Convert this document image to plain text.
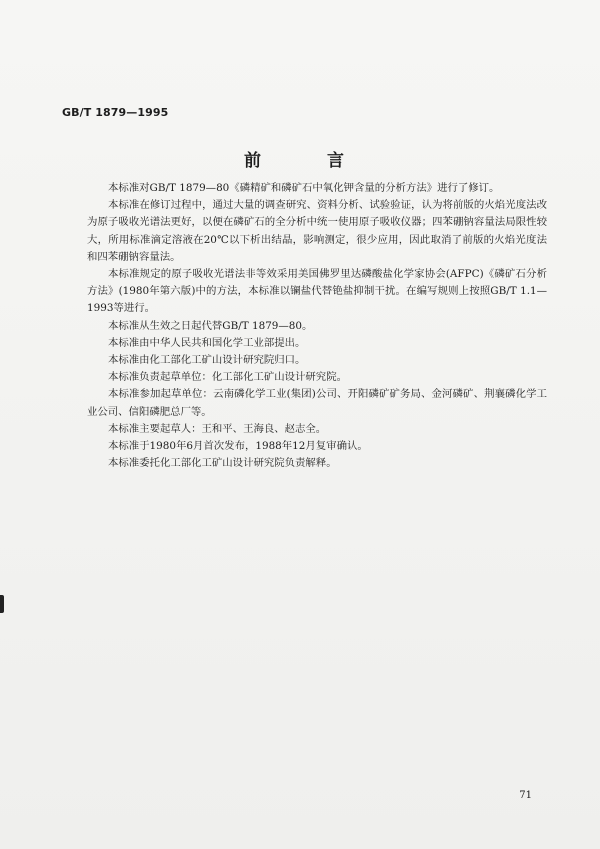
GB/T 1879—1995
前 言

本标准对GB/T 1879—80《磷精矿和磷矿石中氧化钾含量的分析方法》进行了修订。

本标准在修订过程中，通过大量的调查研究、资料分析、试验验证，认为将前版的火焰光度法改为原子吸收光谱法更好，以便在磷矿石的全分析中统一使用原子吸收仪器；四苯硼钠容量法局限性较大，所用标准滴定溶液在20℃以下析出结晶，影响测定，很少应用，因此取消了前版的火焰光度法和四苯硼钠容量法。

本标准规定的原子吸收光谱法非等效采用美国佛罗里达磷酸盐化学家协会(AFPC)《磷矿石分析方法》(1980年第六版)中的方法，本标准以镧盐代替铯盐抑制干扰。在编写规则上按照GB/T 1.1—1993等进行。

本标准从生效之日起代替GB/T 1879—80。

本标准由中华人民共和国化学工业部提出。

本标准由化工部化工矿山设计研究院归口。

本标准负责起草单位：化工部化工矿山设计研究院。

本标准参加起草单位：云南磷化学工业(集团)公司、开阳磷矿矿务局、金河磷矿、荆襄磷化学工业公司、信阳磷肥总厂等。

本标准主要起草人：王和平、王海良、赵志全。

本标准于1980年6月首次发布，1988年12月复审确认。

本标准委托化工部化工矿山设计研究院负责解释。

71
